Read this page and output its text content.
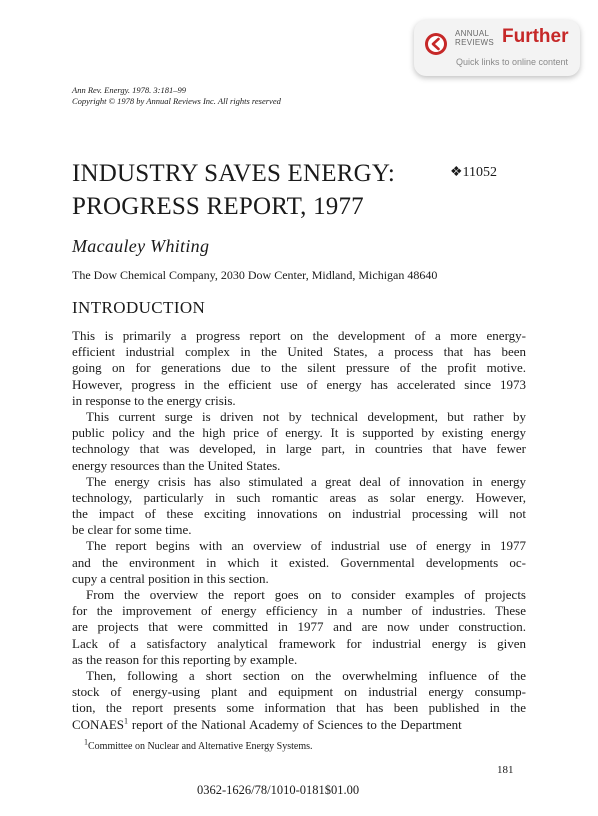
ANNUAL
REVIEWS Further
Quick links to online content
Ann Rev. Energy. 1978. 3:181–99
Copyright © 1978 by Annual Reviews Inc. All rights reserved
INDUSTRY SAVES ENERGY:
PROGRESS REPORT, 1977
❖11052
Macauley Whiting
The Dow Chemical Company, 2030 Dow Center, Midland, Michigan 48640
INTRODUCTION
This is primarily a progress report on the development of a more energy-
efficient industrial complex in the United States, a process that has been
going on for generations due to the silent pressure of the profit motive.
However, progress in the efficient use of energy has accelerated since 1973
in response to the energy crisis.
This current surge is driven not by technical development, but rather by
public policy and the high price of energy. It is supported by existing energy
technology that was developed, in large part, in countries that have fewer
energy resources than the United States.
The energy crisis has also stimulated a great deal of innovation in energy
technology, particularly in such romantic areas as solar energy. However,
the impact of these exciting innovations on industrial processing will not
be clear for some time.
The report begins with an overview of industrial use of energy in 1977
and the environment in which it existed. Governmental developments oc-
cupy a central position in this section.
From the overview the report goes on to consider examples of projects
for the improvement of energy efficiency in a number of industries. These
are projects that were committed in 1977 and are now under construction.
Lack of a satisfactory analytical framework for industrial energy is given
as the reason for this reporting by example.
Then, following a short section on the overwhelming influence of the
stock of energy-using plant and equipment on industrial energy consump-
tion, the report presents some information that has been published in the
CONAES$^1$ report of the National Academy of Sciences to the Department
$^1$Committee on Nuclear and Alternative Energy Systems.
181
0362-1626/78/1010-0181$01.00
